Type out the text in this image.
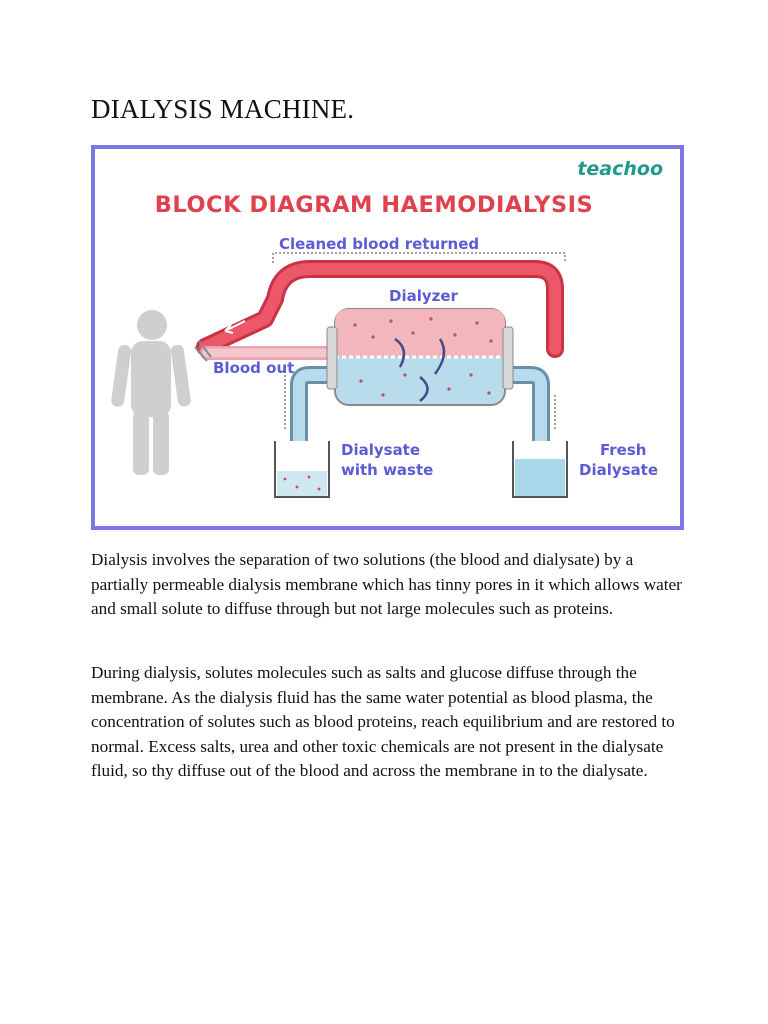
DIALYSIS MACHINE.
teachoo
BLOCK DIAGRAM HAEMODIALYSIS
Cleaned blood returned
Dialyzer
Blood out
Dialysate
with waste
Fresh
Dialysate

Dialysis involves the separation of two solutions (the blood and dialysate) by a partially permeable dialysis membrane which has tinny pores in it which allows water and small solute to diffuse through but not large molecules such as proteins.

During dialysis, solutes molecules such as salts and glucose diffuse through the membrane. As the dialysis fluid has the same water potential as blood plasma, the concentration of solutes such as blood proteins, reach equilibrium and are restored to normal. Excess salts, urea and other toxic chemicals are not present in the dialysate fluid, so thy diffuse out of the blood and across the membrane in to the dialysate.
